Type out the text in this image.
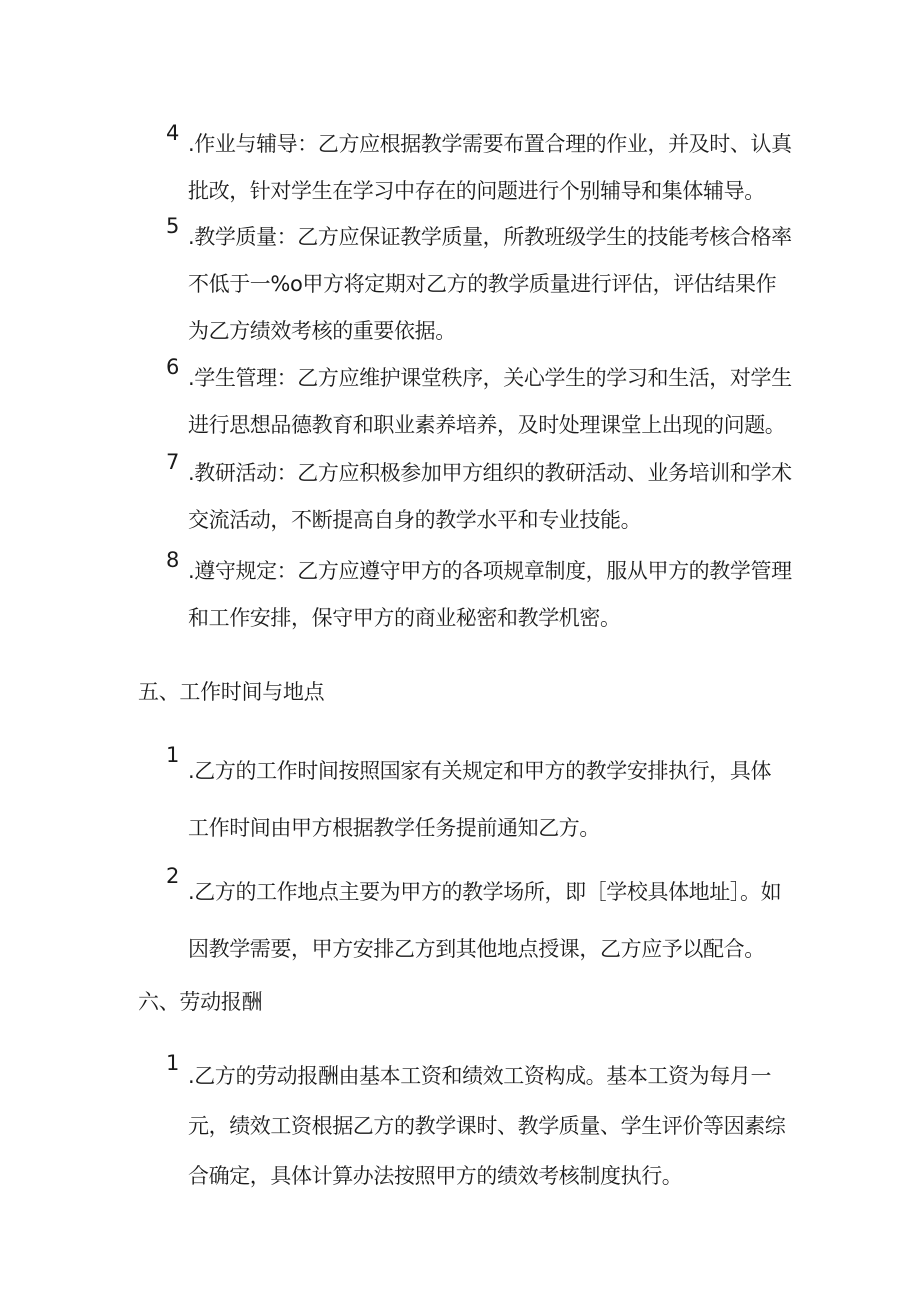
4 .作业与辅导：乙方应根据教学需要布置合理的作业，并及时、认真
批改，针对学生在学习中存在的问题进行个别辅导和集体辅导。
5 .教学质量：乙方应保证教学质量，所教班级学生的技能考核合格率
不低于一%o甲方将定期对乙方的教学质量进行评估，评估结果作
为乙方绩效考核的重要依据。
6 .学生管理：乙方应维护课堂秩序，关心学生的学习和生活，对学生
进行思想品德教育和职业素养培养，及时处理课堂上出现的问题。
7 .教研活动：乙方应积极参加甲方组织的教研活动、业务培训和学术
交流活动，不断提高自身的教学水平和专业技能。
8 .遵守规定：乙方应遵守甲方的各项规章制度，服从甲方的教学管理
和工作安排，保守甲方的商业秘密和教学机密。
五、工作时间与地点
1
.乙方的工作时间按照国家有关规定和甲方的教学安排执行，具体
工作时间由甲方根据教学任务提前通知乙方。
2
.乙方的工作地点主要为甲方的教学场所，即［学校具体地址］。如
因教学需要，甲方安排乙方到其他地点授课，乙方应予以配合。
六、劳动报酬
1
.乙方的劳动报酬由基本工资和绩效工资构成。基本工资为每月一
元，绩效工资根据乙方的教学课时、教学质量、学生评价等因素综
合确定，具体计算办法按照甲方的绩效考核制度执行。
